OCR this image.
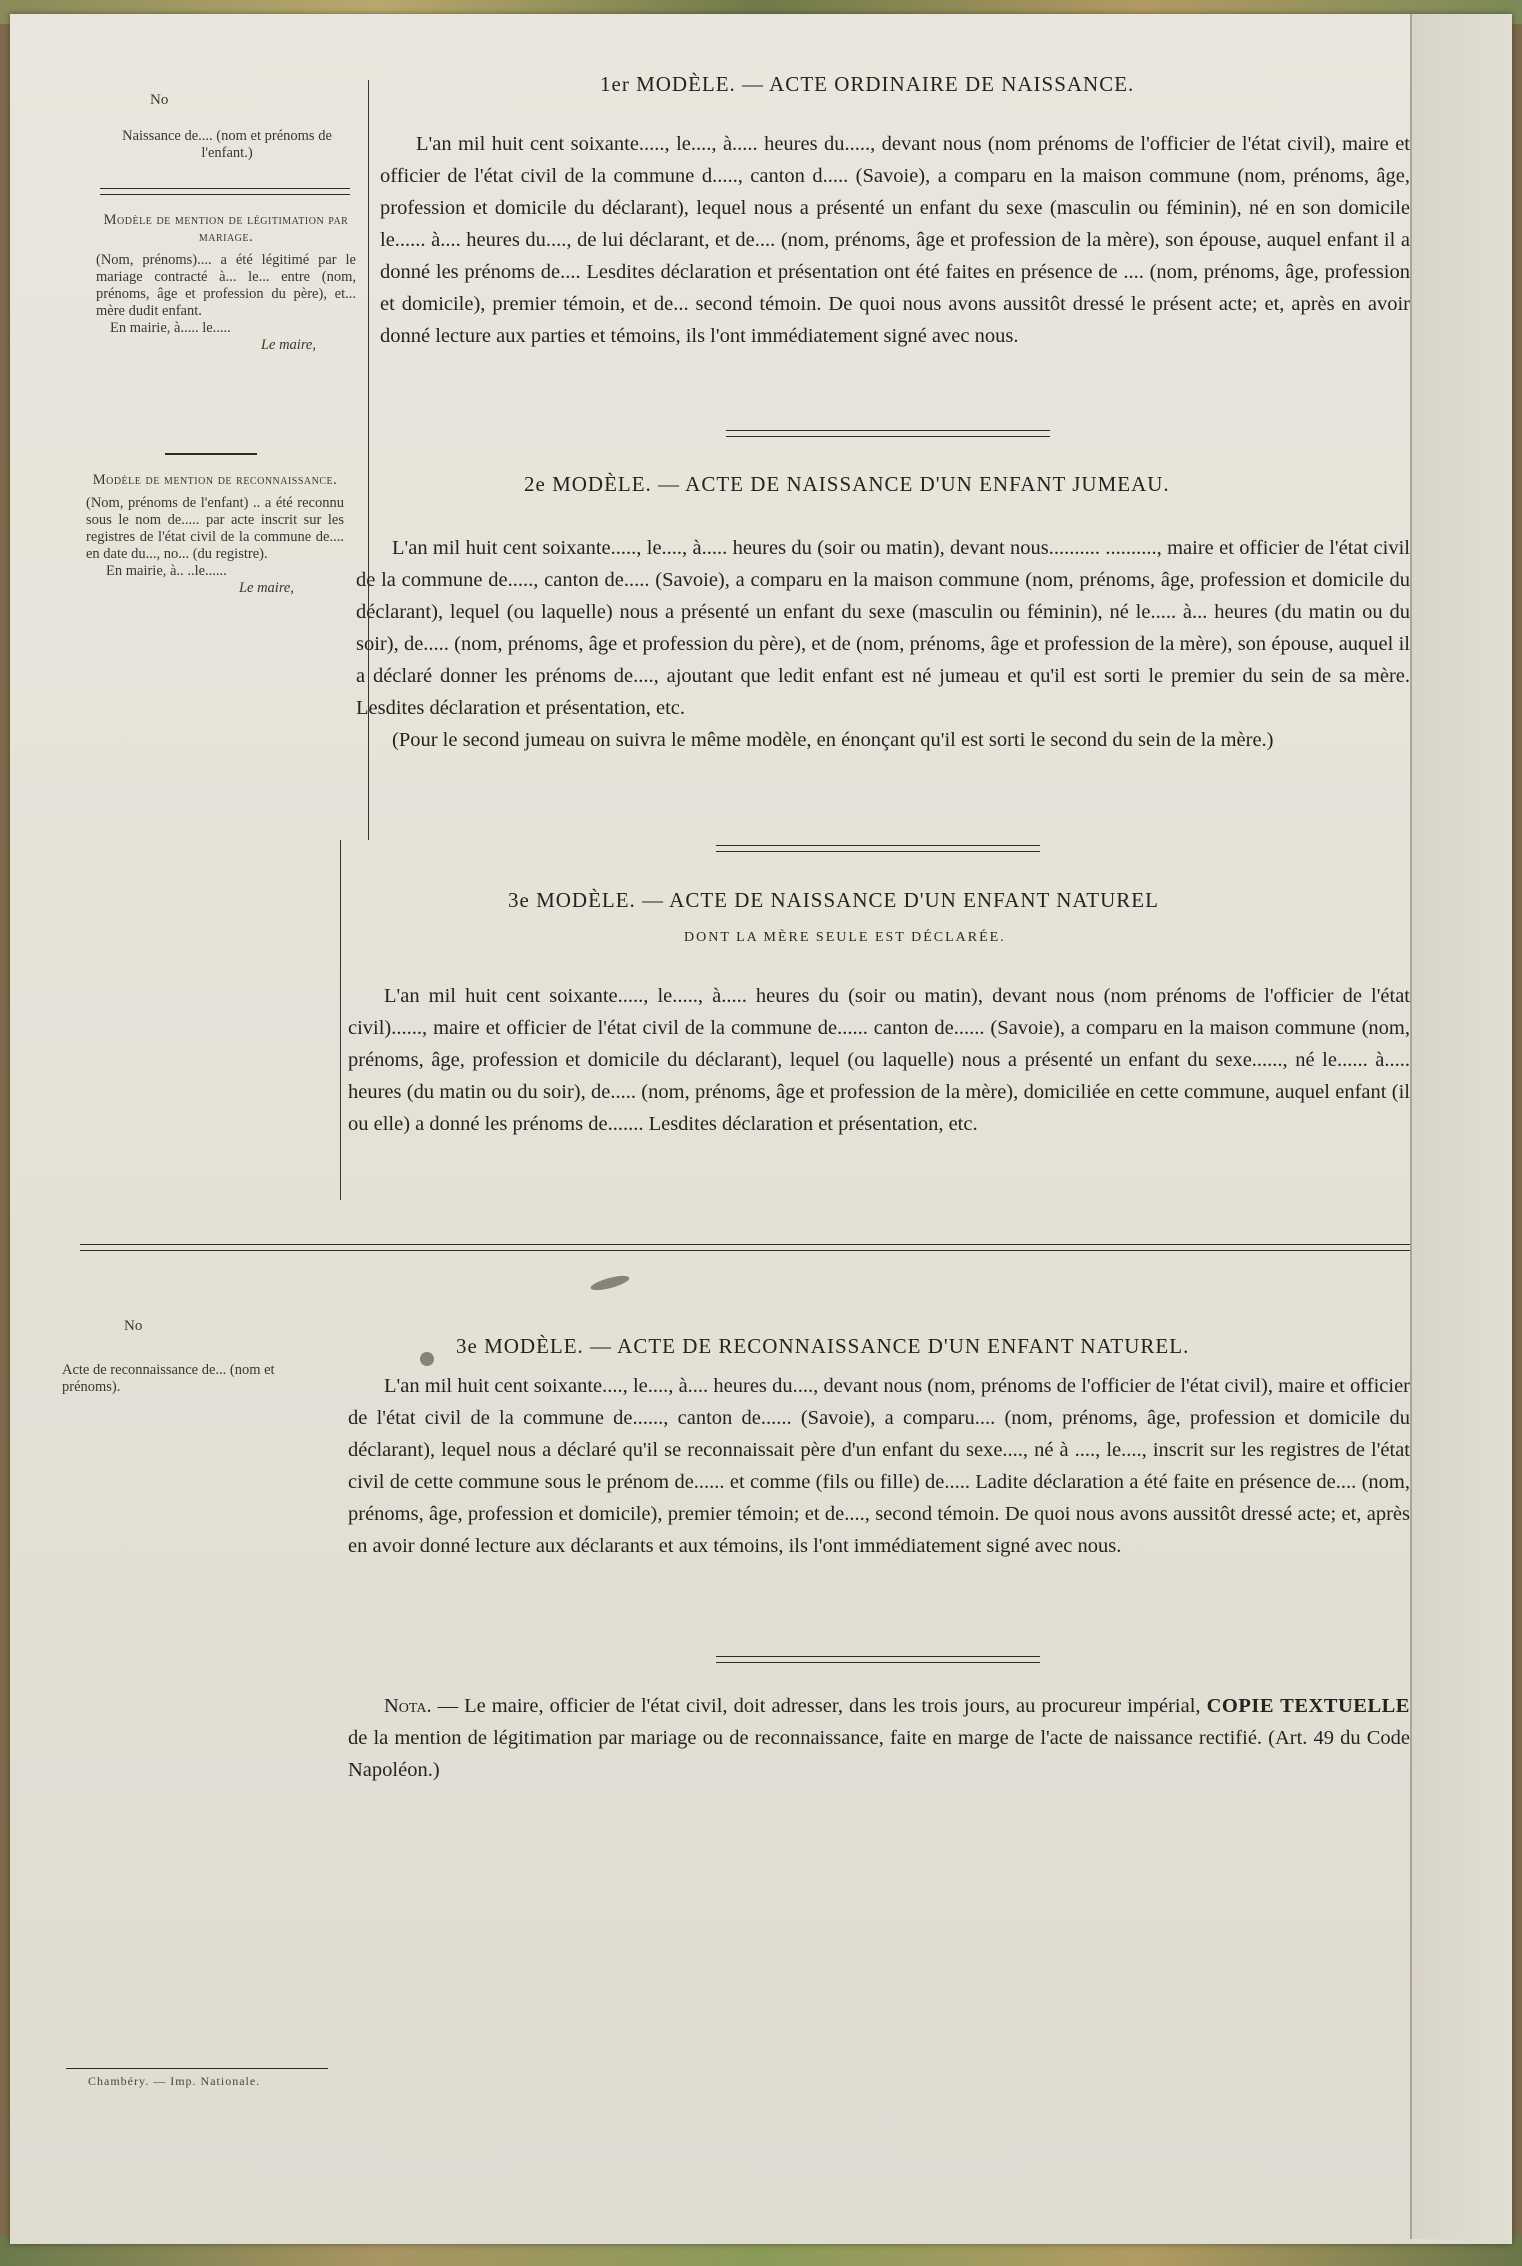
No
Naissance de.... (nom et prénoms de l'enfant.)
Modèle de mention de légitimation par mariage.
(Nom, prénoms).... a été légitimé par le mariage contracté à... le... entre (nom, prénoms, âge et profession du père), et... mère dudit enfant.
En mairie, à..... le.....
Le maire,
Modèle de mention de reconnaissance.
(Nom, prénoms de l'enfant) .. a été reconnu sous le nom de..... par acte inscrit sur les registres de l'état civil de la commune de.... en date du..., no... (du registre).
En mairie, à.. ..le......
Le maire,
1er MODÈLE. — ACTE ORDINAIRE DE NAISSANCE.

L'an mil huit cent soixante....., le...., à..... heures du....., devant nous (nom prénoms de l'officier de l'état civil), maire et officier de l'état civil de la commune d....., canton d..... (Savoie), a comparu en la maison commune (nom, prénoms, âge, profession et domicile du déclarant), lequel nous a présenté un enfant du sexe (masculin ou féminin), né en son domicile le...... à.... heures du...., de lui déclarant, et de.... (nom, prénoms, âge et profession de la mère), son épouse, auquel enfant il a donné les prénoms de.... Lesdites déclaration et présentation ont été faites en présence de .... (nom, prénoms, âge, profession et domicile), premier témoin, et de... second témoin. De quoi nous avons aussitôt dressé le présent acte; et, après en avoir donné lecture aux parties et témoins, ils l'ont immédiatement signé avec nous.

2e MODÈLE. — ACTE DE NAISSANCE D'UN ENFANT JUMEAU.

L'an mil huit cent soixante....., le...., à..... heures du (soir ou matin), devant nous.......... .........., maire et officier de l'état civil de la commune de....., canton de..... (Savoie), a comparu en la maison commune (nom, prénoms, âge, profession et domicile du déclarant), lequel (ou laquelle) nous a présenté un enfant du sexe (masculin ou féminin), né le..... à... heures (du matin ou du soir), de..... (nom, prénoms, âge et profession du père), et de (nom, prénoms, âge et profession de la mère), son épouse, auquel il a déclaré donner les prénoms de...., ajoutant que ledit enfant est né jumeau et qu'il est sorti le premier du sein de sa mère. Lesdites déclaration et présentation, etc.

(Pour le second jumeau on suivra le même modèle, en énonçant qu'il est sorti le second du sein de la mère.)

3e MODÈLE. — ACTE DE NAISSANCE D'UN ENFANT NATUREL
DONT LA MÈRE SEULE EST DÉCLARÉE.

L'an mil huit cent soixante....., le....., à..... heures du (soir ou matin), devant nous (nom prénoms de l'officier de l'état civil)......, maire et officier de l'état civil de la commune de...... canton de...... (Savoie), a comparu en la maison commune (nom, prénoms, âge, profession et domicile du déclarant), lequel (ou laquelle) nous a présenté un enfant du sexe......, né le...... à..... heures (du matin ou du soir), de..... (nom, prénoms, âge et profession de la mère), domiciliée en cette commune, auquel enfant (il ou elle) a donné les prénoms de....... Lesdites déclaration et présentation, etc.

No
Acte de reconnaissance de... (nom et prénoms).
3e MODÈLE. — ACTE DE RECONNAISSANCE D'UN ENFANT NATUREL.

L'an mil huit cent soixante...., le...., à.... heures du...., devant nous (nom, prénoms de l'officier de l'état civil), maire et officier de l'état civil de la commune de......, canton de...... (Savoie), a comparu.... (nom, prénoms, âge, profession et domicile du déclarant), lequel nous a déclaré qu'il se reconnaissait père d'un enfant du sexe...., né à ...., le...., inscrit sur les registres de l'état civil de cette commune sous le prénom de...... et comme (fils ou fille) de..... Ladite déclaration a été faite en présence de.... (nom, prénoms, âge, profession et domicile), premier témoin; et de...., second témoin. De quoi nous avons aussitôt dressé acte; et, après en avoir donné lecture aux déclarants et aux témoins, ils l'ont immédiatement signé avec nous.

Nota. — Le maire, officier de l'état civil, doit adresser, dans les trois jours, au procureur impérial, COPIE TEXTUELLE de la mention de légitimation par mariage ou de reconnaissance, faite en marge de l'acte de naissance rectifié. (Art. 49 du Code Napoléon.)

Chambéry. — Imp. Nationale.
